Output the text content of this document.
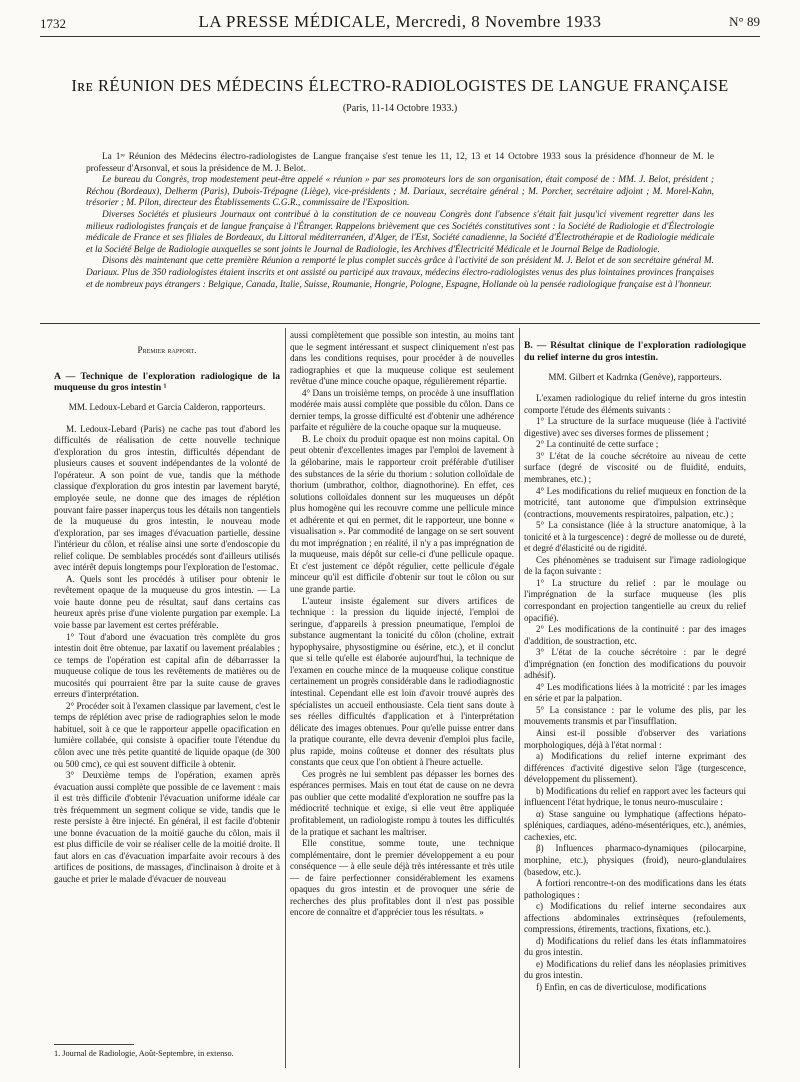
1732	LA PRESSE MÉDICALE, Mercredi, 8 Novembre 1933	N° 89
Iʀᴇ RÉUNION DES MÉDECINS ÉLECTRO-RADIOLOGISTES DE LANGUE FRANÇAISE
(Paris, 11-14 Octobre 1933.)

La 1ʳᵉ Réunion des Médecins électro-radiologistes de Langue française s'est tenue les 11, 12, 13 et 14 Octobre 1933 sous la présidence d'honneur de M. le professeur d'Arsonval, et sous la présidence de M. J. Belot.

Le bureau du Congrès, trop modestement peut-être appelé « réunion » par ses promoteurs lors de son organisation, était composé de : MM. J. Belot, président ; Réchou (Bordeaux), Delherm (Paris), Dubois-Trépagne (Liège), vice-présidents ; M. Dariaux, secrétaire général ; M. Porcher, secrétaire adjoint ; M. Morel-Kahn, trésorier ; M. Pilon, directeur des Établissements C.G.R., commissaire de l'Exposition.

Diverses Sociétés et plusieurs Journaux ont contribué à la constitution de ce nouveau Congrès dont l'absence s'était fait jusqu'ici vivement regretter dans les milieux radiologistes français et de langue française à l'Étranger. Rappelons brièvement que ces Sociétés constitutives sont : la Société de Radiologie et d'Électrologie médicale de France et ses filiales de Bordeaux, du Littoral méditerranéen, d'Alger, de l'Est, Société canadienne, la Société d'Électrothérapie et de Radiologie médicale et la Société Belge de Radiologie auxquelles se sont joints le Journal de Radiologie, les Archives d'Électricité Médicale et le Journal Belge de Radiologie.

Disons dès maintenant que cette première Réunion a remporté le plus complet succès grâce à l'activité de son président M. J. Belot et de son secrétaire général M. Dariaux. Plus de 350 radiologistes étaient inscrits et ont assisté ou participé aux travaux, médecins électro-radiologistes venus des plus lointaines provinces françaises et de nombreux pays étrangers : Belgique, Canada, Italie, Suisse, Roumanie, Hongrie, Pologne, Espagne, Hollande où la pensée radiologique française est à l'honneur.

Premier rapport.

A — Technique de l'exploration radiologique de la muqueuse du gros intestin ¹

MM. Ledoux-Lebard et Garcia Calderon, rapporteurs.

M. Ledoux-Lebard (Paris) ne cache pas tout d'abord les difficultés de réalisation de cette nouvelle technique d'exploration du gros intestin, difficultés dépendant de plusieurs causes et souvent indépendantes de la volonté de l'opérateur. A son point de vue, tandis que la méthode classique d'exploration du gros intestin par lavement baryté, employée seule, ne donne que des images de réplétion pouvant faire passer inaperçus tous les détails non tangentiels de la muqueuse du gros intestin, le nouveau mode d'exploration, par ses images d'évacuation partielle, dessine l'intérieur du côlon, et réalise ainsi une sorte d'endoscopie du relief colique. De semblables procédés sont d'ailleurs utilisés avec intérêt depuis longtemps pour l'exploration de l'estomac.

A. Quels sont les procédés à utiliser pour obtenir le revêtement opaque de la muqueuse du gros intestin. — La voie haute donne peu de résultat, sauf dans certains cas heureux après prise d'une violente purgation par exemple. La voie basse par lavement est certes préférable.

1° Tout d'abord une évacuation très complète du gros intestin doit être obtenue, par laxatif ou lavement préalables ; ce temps de l'opération est capital afin de débarrasser la muqueuse colique de tous les revêtements de matières ou de mucosités qui pourraient être par la suite cause de graves erreurs d'interprétation.

2° Procéder soit à l'examen classique par lavement, c'est le temps de réplétion avec prise de radiographies selon le mode habituel, soit à ce que le rapporteur appelle opacification en lumière collabée, qui consiste à opacifier toute l'étendue du côlon avec une très petite quantité de liquide opaque (de 300 ou 500 cmc), ce qui est souvent difficile à obtenir.

3° Deuxième temps de l'opération, examen après évacuation aussi complète que possible de ce lavement : mais il est très difficile d'obtenir l'évacuation uniforme idéale car très fréquemment un segment colique se vide, tandis que le reste persiste à être injecté. En général, il est facile d'obtenir une bonne évacuation de la moitié gauche du côlon, mais il est plus difficile de voir se réaliser celle de la moitié droite. Il faut alors en cas d'évacuation imparfaite avoir recours à des artifices de positions, de massages, d'inclinaison à droite et à gauche et prier le malade d'évacuer de nouveau

aussi complètement que possible son intestin, au moins tant que le segment intéressant et suspect cliniquement n'est pas dans les conditions requises, pour procéder à de nouvelles radiographies et que la muqueuse colique est seulement revêtue d'une mince couche opaque, régulièrement répartie.

4° Dans un troisième temps, on procède à une insufflation modérée mais aussi complète que possible du côlon. Dans ce dernier temps, la grosse difficulté est d'obtenir une adhérence parfaite et régulière de la couche opaque sur la muqueuse.

B. Le choix du produit opaque est non moins capital. On peut obtenir d'excellentes images par l'emploi de lavement à la gélobarine, mais le rapporteur croit préférable d'utiliser des substances de la série du thorium : solution colloïdale de thorium (umbrathor, colthor, diagnothorine). En effet, ces solutions colloïdales donnent sur les muqueuses un dépôt plus homogène qui les recouvre comme une pellicule mince et adhérente et qui en permet, dit le rapporteur, une bonne « visualisation ». Par commodité de langage on se sert souvent du mot imprégnation ; en réalité, il n'y a pas imprégnation de la muqueuse, mais dépôt sur celle-ci d'une pellicule opaque. Et c'est justement ce dépôt régulier, cette pellicule d'égale minceur qu'il est difficile d'obtenir sur tout le côlon ou sur une grande partie.

L'auteur insiste également sur divers artifices de technique : la pression du liquide injecté, l'emploi de seringue, d'appareils à pression pneumatique, l'emploi de substance augmentant la tonicité du côlon (choline, extrait hypophysaire, physostigmine ou ésérine, etc.), et il conclut que si telle qu'elle est élaborée aujourd'hui, la technique de l'examen en couche mince de la muqueuse colique constitue certainement un progrès considérable dans le radiodiagnostic intestinal. Cependant elle est loin d'avoir trouvé auprès des spécialistes un accueil enthousiaste. Cela tient sans doute à ses réelles difficultés d'application et à l'interprétation délicate des images obtenues. Pour qu'elle puisse entrer dans la pratique courante, elle devra devenir d'emploi plus facile, plus rapide, moins coûteuse et donner des résultats plus constants que ceux que l'on obtient à l'heure actuelle.

Ces progrès ne lui semblent pas dépasser les bornes des espérances permises. Mais en tout état de cause on ne devra pas oublier que cette modalité d'exploration ne souffre pas la médiocrité technique et exige, si elle veut être appliquée profitablement, un radiologiste rompu à toutes les difficultés de la pratique et sachant les maîtriser.

Elle constitue, somme toute, une technique complémentaire, dont le premier développement a eu pour conséquence — à elle seule déjà très intéressante et très utile — de faire perfectionner considérablement les examens opaques du gros intestin et de provoquer une série de recherches des plus profitables dont il n'est pas possible encore de connaître et d'apprécier tous les résultats. »

B. — Résultat clinique de l'exploration radiologique du relief interne du gros intestin.

MM. Gilbert et Kadrnka (Genève), rapporteurs.

L'examen radiologique du relief interne du gros intestin comporte l'étude des éléments suivants :

1° La structure de la surface muqueuse (liée à l'activité digestive) avec ses diverses formes de plissement ;

2° La continuité de cette surface ;

3° L'état de la couche sécrétoire au niveau de cette surface (degré de viscosité ou de fluidité, enduits, membranes, etc.) ;

4° Les modifications du relief muqueux en fonction de la motricité, tant autonome que d'impulsion extrinsèque (contractions, mouvements respiratoires, palpation, etc.) ;

5° La consistance (liée à la structure anatomique, à la tonicité et à la turgescence) : degré de mollesse ou de dureté, et degré d'élasticité ou de rigidité.

Ces phénomènes se traduisent sur l'image radiologique de la façon suivante :

1° La structure du relief : par le moulage ou l'imprégnation de la surface muqueuse (les plis correspondant en projection tangentielle au creux du relief opacifié).

2° Les modifications de la continuité : par des images d'addition, de soustraction, etc.

3° L'état de la couche sécrétoire : par le degré d'imprégnation (en fonction des modifications du pouvoir adhésif).

4° Les modifications liées à la motricité : par les images en série et par la palpation.

5° La consistance : par le volume des plis, par les mouvements transmis et par l'insufflation.

Ainsi est-il possible d'observer des variations morphologiques, déjà à l'état normal :

a) Modifications du relief interne exprimant des différences d'activité digestive selon l'âge (turgescence, développement du plissement).

b) Modifications du relief en rapport avec les facteurs qui influencent l'état hydrique, le tonus neuro-musculaire :

α) Stase sanguine ou lymphatique (affections hépato-spléniques, cardiaques, adéno-mésentériques, etc.), anémies, cachexies, etc.

β) Influences pharmaco-dynamiques (pilocarpine, morphine, etc.), physiques (froid), neuro-glandulaires (basedow, etc.).

A fortiori rencontre-t-on des modifications dans les états pathologiques :

c) Modifications du relief interne secondaires aux affections abdominales extrinsèques (refoulements, compressions, étirements, tractions, fixations, etc.).

d) Modifications du relief dans les états inflammatoires du gros intestin.

e) Modifications du relief dans les néoplasies primitives du gros intestin.

f) Enfin, en cas de diverticulose, modifications

1. Journal de Radiologie, Août-Septembre, in extenso.
